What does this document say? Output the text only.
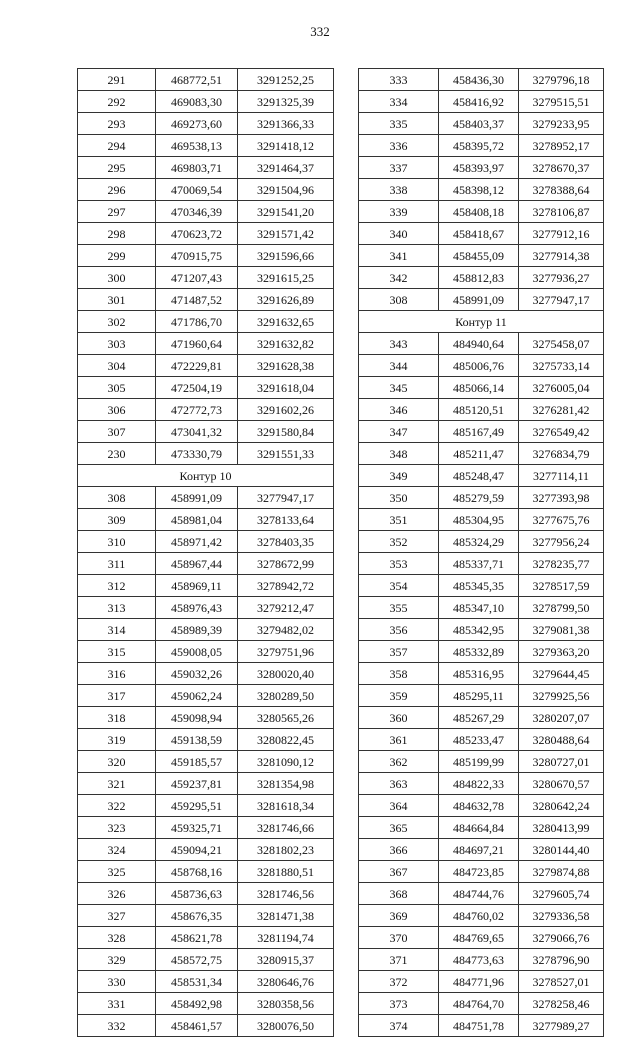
332
291	468772,51	3291252,25
292	469083,30	3291325,39
293	469273,60	3291366,33
294	469538,13	3291418,12
295	469803,71	3291464,37
296	470069,54	3291504,96
297	470346,39	3291541,20
298	470623,72	3291571,42
299	470915,75	3291596,66
300	471207,43	3291615,25
301	471487,52	3291626,89
302	471786,70	3291632,65
303	471960,64	3291632,82
304	472229,81	3291628,38
305	472504,19	3291618,04
306	472772,73	3291602,26
307	473041,32	3291580,84
230	473330,79	3291551,33
Контур 10		
308	458991,09	3277947,17
309	458981,04	3278133,64
310	458971,42	3278403,35
311	458967,44	3278672,99
312	458969,11	3278942,72
313	458976,43	3279212,47
314	458989,39	3279482,02
315	459008,05	3279751,96
316	459032,26	3280020,40
317	459062,24	3280289,50
318	459098,94	3280565,26
319	459138,59	3280822,45
320	459185,57	3281090,12
321	459237,81	3281354,98
322	459295,51	3281618,34
323	459325,71	3281746,66
324	459094,21	3281802,23
325	458768,16	3281880,51
326	458736,63	3281746,56
327	458676,35	3281471,38
328	458621,78	3281194,74
329	458572,75	3280915,37
330	458531,34	3280646,76
331	458492,98	3280358,56
332	458461,57	3280076,50
333	458436,30	3279796,18
334	458416,92	3279515,51
335	458403,37	3279233,95
336	458395,72	3278952,17
337	458393,97	3278670,37
338	458398,12	3278388,64
339	458408,18	3278106,87
340	458418,67	3277912,16
341	458455,09	3277914,38
342	458812,83	3277936,27
308	458991,09	3277947,17
Контур 11		
343	484940,64	3275458,07
344	485006,76	3275733,14
345	485066,14	3276005,04
346	485120,51	3276281,42
347	485167,49	3276549,42
348	485211,47	3276834,79
349	485248,47	3277114,11
350	485279,59	3277393,98
351	485304,95	3277675,76
352	485324,29	3277956,24
353	485337,71	3278235,77
354	485345,35	3278517,59
355	485347,10	3278799,50
356	485342,95	3279081,38
357	485332,89	3279363,20
358	485316,95	3279644,45
359	485295,11	3279925,56
360	485267,29	3280207,07
361	485233,47	3280488,64
362	485199,99	3280727,01
363	484822,33	3280670,57
364	484632,78	3280642,24
365	484664,84	3280413,99
366	484697,21	3280144,40
367	484723,85	3279874,88
368	484744,76	3279605,74
369	484760,02	3279336,58
370	484769,65	3279066,76
371	484773,63	3278796,90
372	484771,96	3278527,01
373	484764,70	3278258,46
374	484751,78	3277989,27
